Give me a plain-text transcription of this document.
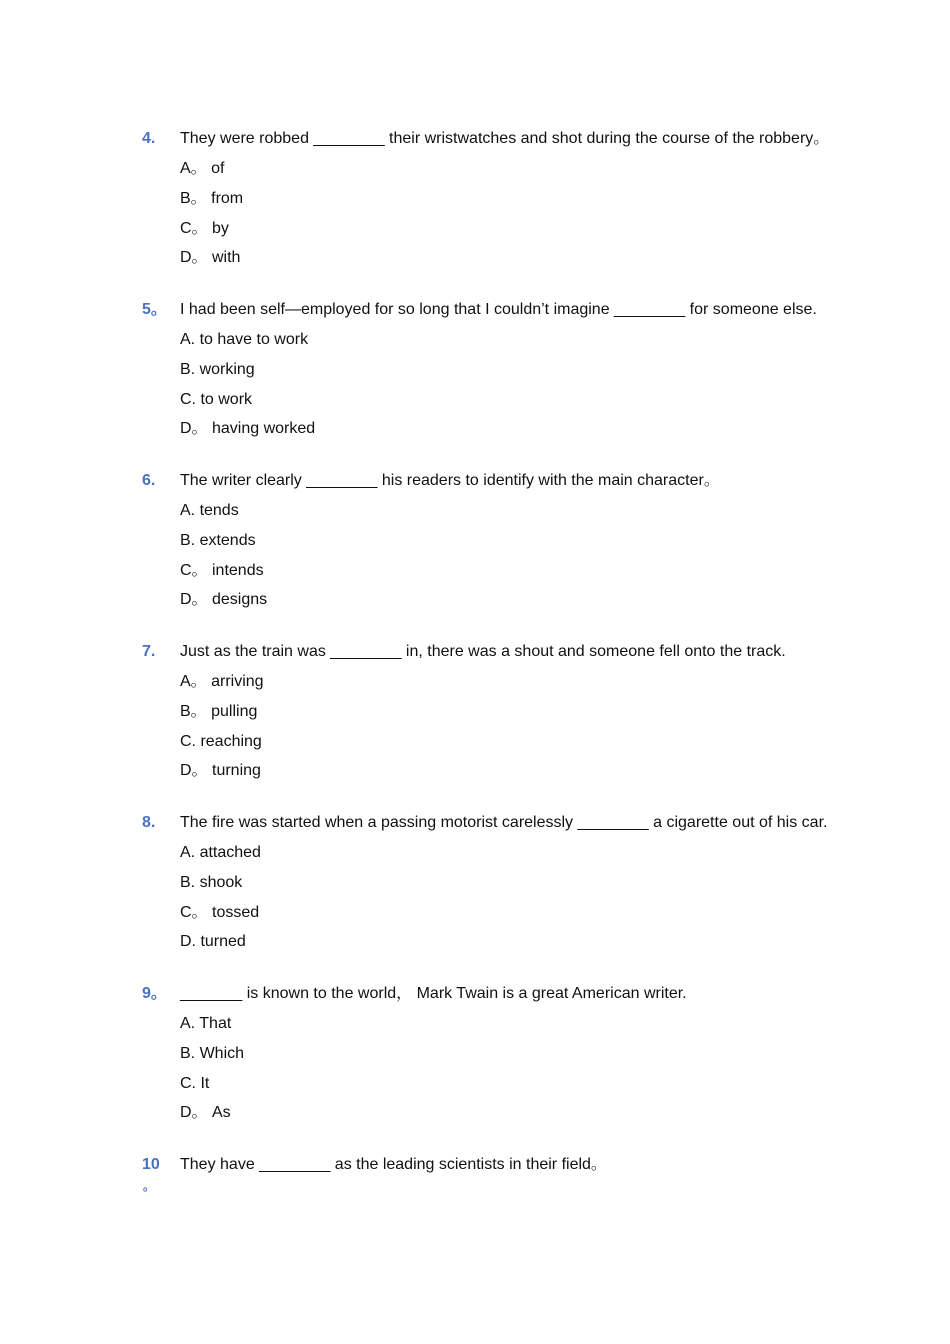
4. They were robbed ________ their wristwatches and shot during the course of the robbery。
A。 of
B。 from
C。 by
D。 with
5。 I had been self—employed for so long that I couldn’t imagine ________ for someone else.
A. to have to work
B. working
C. to work
D。 having worked
6. The writer clearly ________ his readers to identify with the main character。
A. tends
B. extends
C。 intends
D。 designs
7. Just as the train was ________ in, there was a shout and someone fell onto the track.
A。 arriving
B。 pulling
C. reaching
D。 turning
8. The fire was started when a passing motorist carelessly ________ a cigarette out of his car.
A. attached
B. shook
C。 tossed
D. turned
9。 _______ is known to the world， Mark Twain is a great American writer.
A. That
B. Which
C. It
D。 As
10
。
They have ________ as the leading scientists in their field。
